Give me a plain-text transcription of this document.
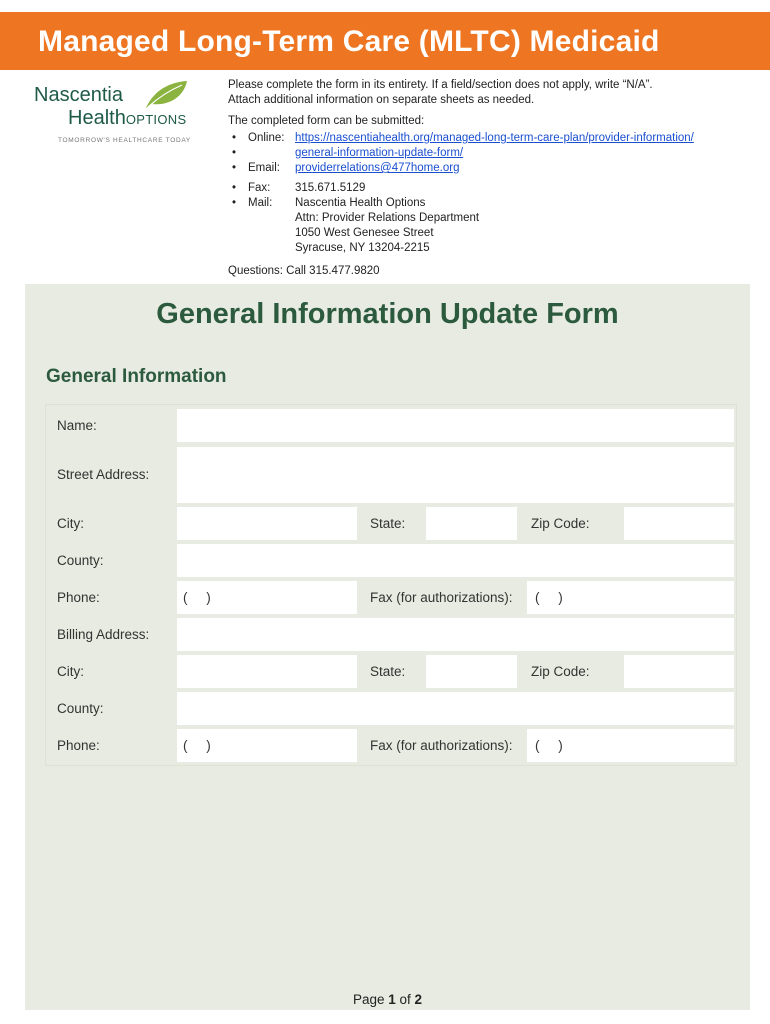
Managed Long-Term Care (MLTC) Medicaid
Nascentia
HealthOPTIONS
TOMORROW'S HEALTHCARE TODAY

Please complete the form in its entirety. If a field/section does not apply, write “N/A”.

Attach additional information on separate sheets as needed.

The completed form can be submitted:

• Online: https://nascentiahealth.org/managed-long-term-care-plan/provider-information/
• general-information-update-form/
• Email:	providerrelations@477home.org
• Fax:	315.671.5129
• Mail:	Nascentia Health Options
Attn: Provider Relations Department
1050 West Genesee Street
Syracuse, NY 13204-2215

Questions: Call 315.477.9820

General Information Update Form
General Information
Name:
Street Address:
City:	State:	Zip Code:
County:
Phone:	(     )	Fax (for authorizations): (     )
Billing Address:
City:	State:	Zip Code:
County:
Phone:	(     )	Fax (for authorizations): (     )
Page 1 of 2
